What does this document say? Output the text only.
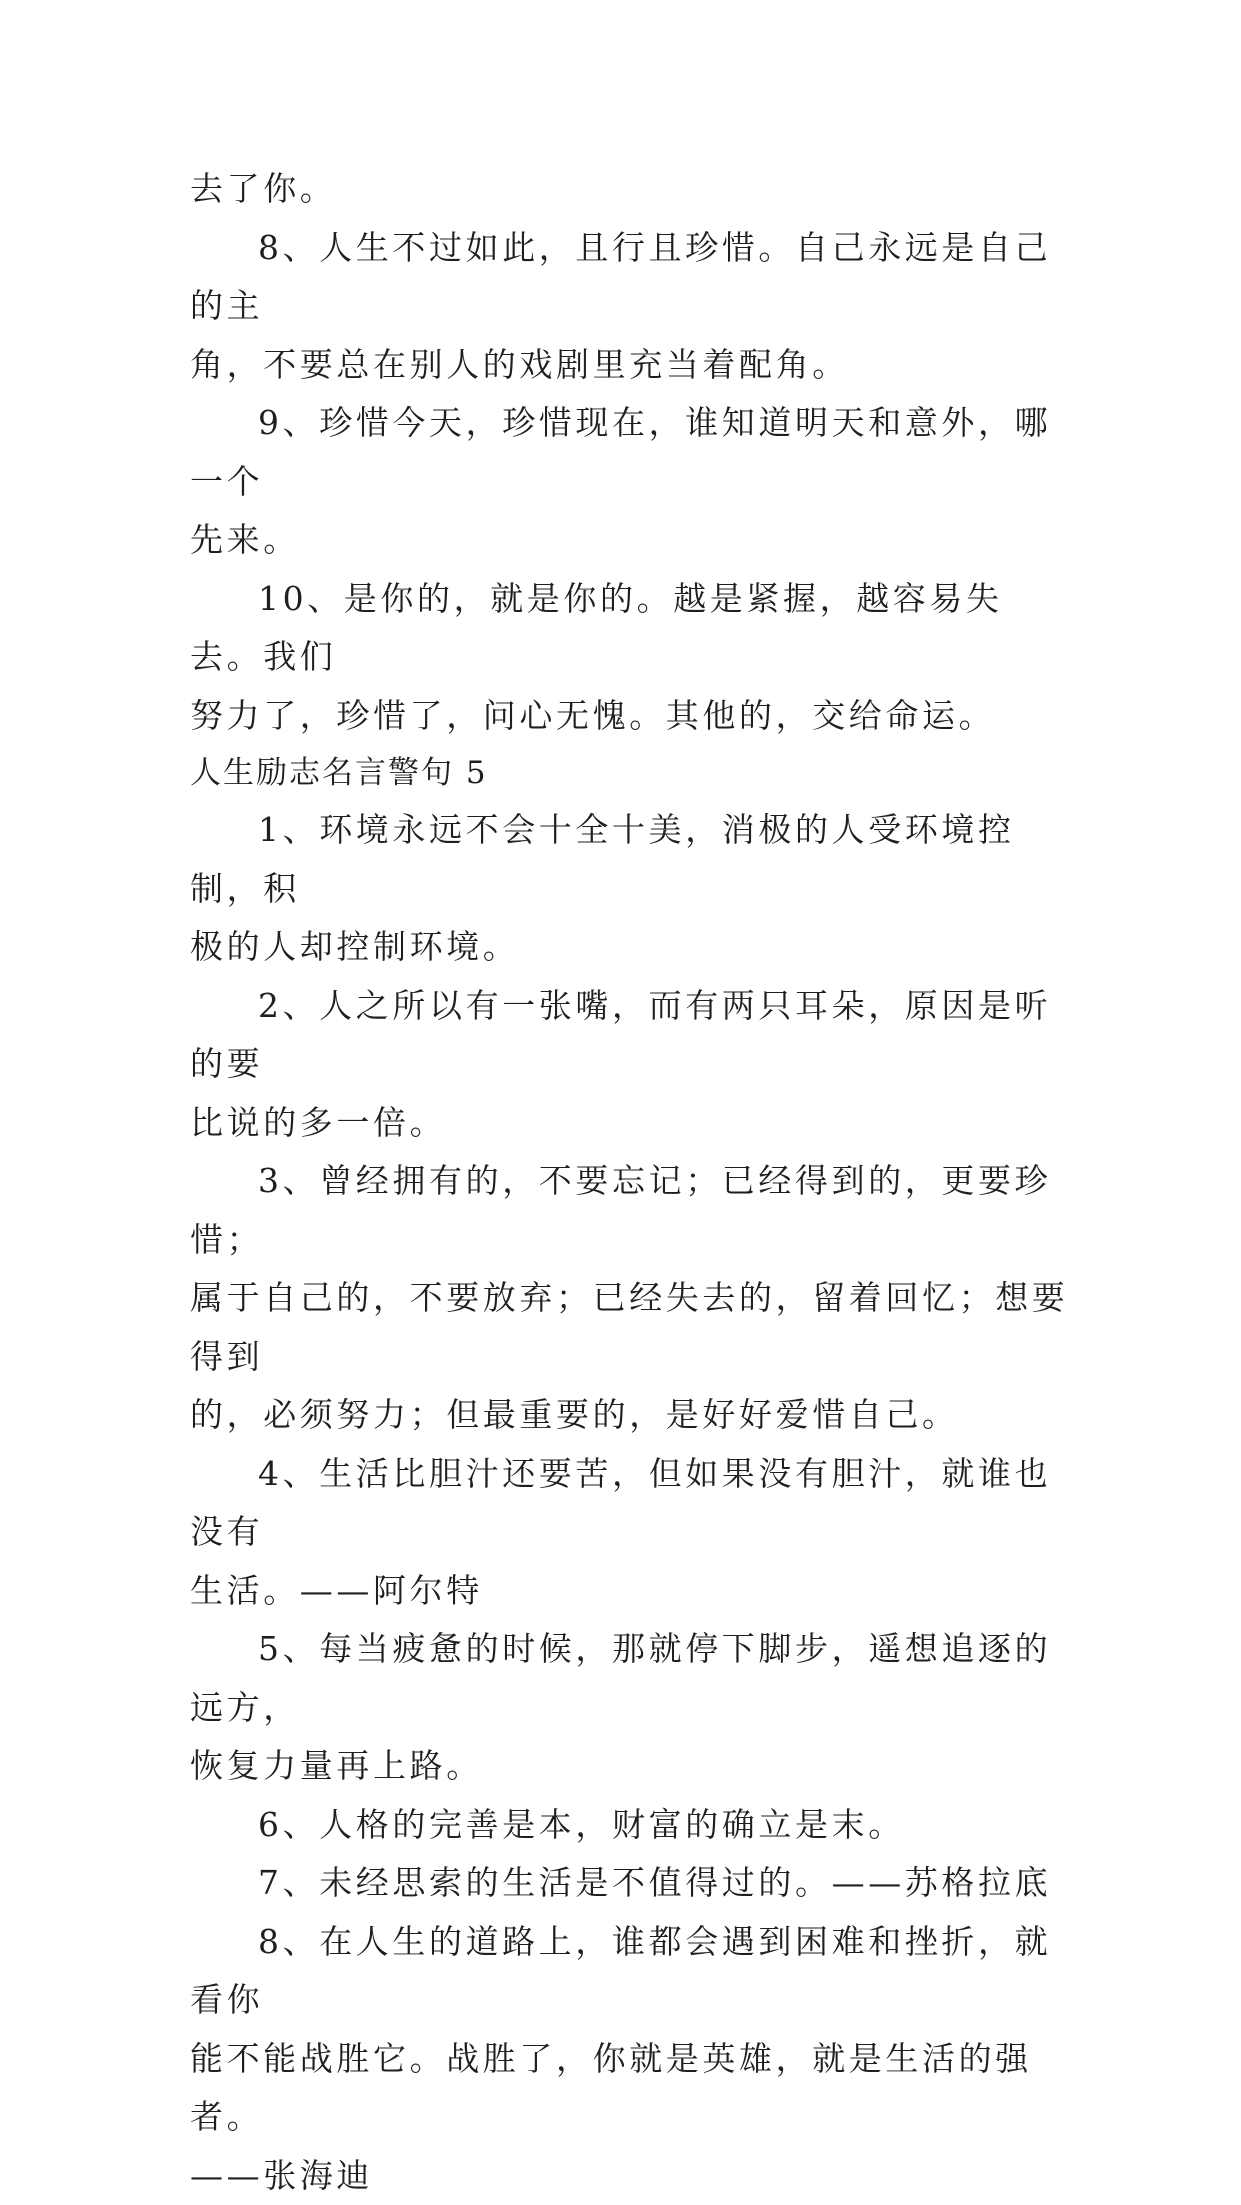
去了你。

8、人生不过如此，且行且珍惜。自己永远是自己的主
角，不要总在别人的戏剧里充当着配角。

9、珍惜今天，珍惜现在，谁知道明天和意外，哪一个
先来。

10、是你的，就是你的。越是紧握，越容易失去。我们
努力了，珍惜了，问心无愧。其他的，交给命运。

人生励志名言警句 5

1、环境永远不会十全十美，消极的人受环境控制，积
极的人却控制环境。

2、人之所以有一张嘴，而有两只耳朵，原因是听的要
比说的多一倍。

3、曾经拥有的，不要忘记；已经得到的，更要珍惜；
属于自己的，不要放弃；已经失去的，留着回忆；想要得到
的，必须努力；但最重要的，是好好爱惜自己。

4、生活比胆汁还要苦，但如果没有胆汁，就谁也没有
生活。——阿尔特

5、每当疲惫的时候，那就停下脚步，遥想追逐的远方，
恢复力量再上路。

6、人格的完善是本，财富的确立是末。

7、未经思索的生活是不值得过的。——苏格拉底

8、在人生的道路上，谁都会遇到困难和挫折，就看你
能不能战胜它。战胜了，你就是英雄，就是生活的强者。
——张海迪
